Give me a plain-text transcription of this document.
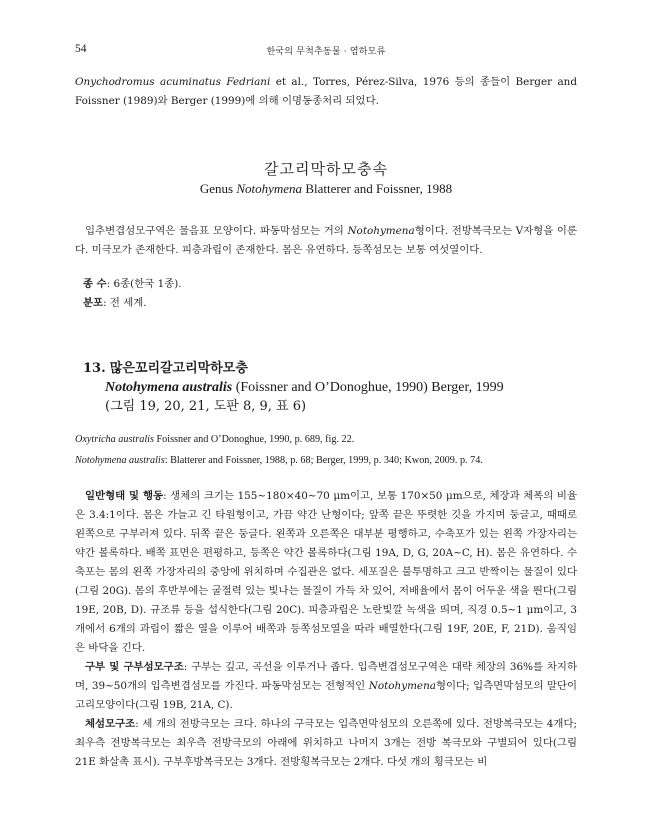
54	한국의 무척추동물 · 염하모류

Onychodromus acuminatus Fedriani et al., Torres, Pérez-Silva, 1976 등의 종들이 Berger and Foissner (1989)와 Berger (1999)에 의해 이명동종처리 되었다.

갈고리막하모충속
Genus Notohymena Blatterer and Foissner, 1988

입추변겹섬모구역은 물음표 모양이다. 파동막섬모는 거의 Notohymena형이다. 전방복극모는 V자형을 이룬다. 미극모가 존재한다. 피층과립이 존재한다. 몸은 유연하다. 등쪽섬모는 보통 여섯열이다.

종 수: 6종(한국 1종).

분포: 전 세계.

13. 많은꼬리갈고리막하모충
Notohymena australis (Foissner and O’Donoghue, 1990) Berger, 1999
(그림 19, 20, 21, 도판 8, 9, 표 6)
Oxytricha australis Foissner and O’Donoghue, 1990, p. 689, fig. 22.
Notohymena australis: Blatterer and Foissner, 1988, p. 68; Berger, 1999, p. 340; Kwon, 2009. p. 74.

일반형태 및 행동: 생체의 크기는 155~180×40~70 μm이고, 보통 170×50 μm으로, 체장과 체폭의 비율은 3.4:1이다. 몸은 가늘고 긴 타원형이고, 가끔 약간 난형이다; 앞쪽 끝은 뚜렷한 깃을 가지며 둥글고, 때때로 왼쪽으로 구부러져 있다. 뒤쪽 끝은 둥글다. 왼쪽과 오른쪽은 대부분 평행하고, 수축포가 있는 왼쪽 가장자리는 약간 볼록하다. 배쪽 표면은 편평하고, 등쪽은 약간 볼록하다(그림 19A, D, G, 20A~C, H). 몸은 유연하다. 수축포는 몸의 왼쪽 가장자리의 중앙에 위치하며 수집관은 없다. 세포질은 불투명하고 크고 반짝이는 물질이 있다(그림 20G). 몸의 후반부에는 굴절력 있는 빛나는 물질이 가득 차 있어, 저배율에서 몸이 어두운 색을 띈다(그림 19E, 20B, D). 규조류 등을 섭식한다(그림 20C). 피층과립은 노란빛깔 녹색을 띄며, 직경 0.5~1 μm이고, 3개에서 6개의 과립이 짧은 열을 이루어 배쪽과 등쪽섬모열을 따라 배열한다(그림 19F, 20E, F, 21D). 움직임은 바닥을 긴다.

구부 및 구부섬모구조: 구부는 깊고, 곡선을 이루거나 좁다. 입측변겹섬모구역은 대략 체장의 36%를 차지하며, 39~50개의 입측변겹섬모를 가진다. 파동막섬모는 전형적인 Notohymena형이다; 입측면막섬모의 말단이 고리모양이다(그림 19B, 21A, C).

체섬모구조: 세 개의 전방극모는 크다. 하나의 구극모는 입측면막섬모의 오른쪽에 있다. 전방복극모는 4개다; 최우측 전방복극모는 최우측 전방극모의 아래에 위치하고 나머지 3개는 전방 복극모와 구별되어 있다(그림 21E 화살촉 표시). 구부후방복극모는 3개다. 전방횡복극모는 2개다. 다섯 개의 횡극모는 비
